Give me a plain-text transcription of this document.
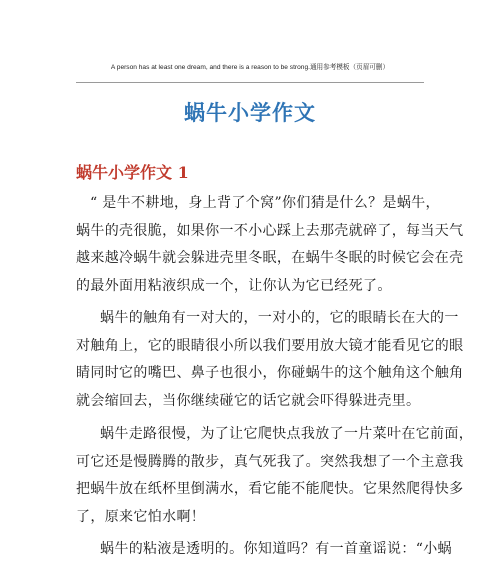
A person has at least one dream, and there is a reason to be strong.通用参考模板（页眉可删）
蜗牛小学作文
蜗牛小学作文 1
“ 是牛不耕地，身上背了个窝”你们猜是什么？是蜗牛，
蜗牛的壳很脆，如果你一不小心踩上去那壳就碎了，每当天气
越来越冷蜗牛就会躲进壳里冬眠，在蜗牛冬眠的时候它会在壳
的最外面用粘液织成一个，让你认为它已经死了。
蜗牛的触角有一对大的，一对小的，它的眼睛长在大的一
对触角上，它的眼睛很小所以我们要用放大镜才能看见它的眼
睛同时它的嘴巴、鼻子也很小，你碰蜗牛的这个触角这个触角
就会缩回去，当你继续碰它的话它就会吓得躲进壳里。
蜗牛走路很慢，为了让它爬快点我放了一片菜叶在它前面，
可它还是慢腾腾的散步，真气死我了。突然我想了一个主意我
把蜗牛放在纸杯里倒满水，看它能不能爬快。它果然爬得快多
了，原来它怕水啊！
蜗牛的粘液是透明的。你知道吗？有一首童谣说：“小蜗
